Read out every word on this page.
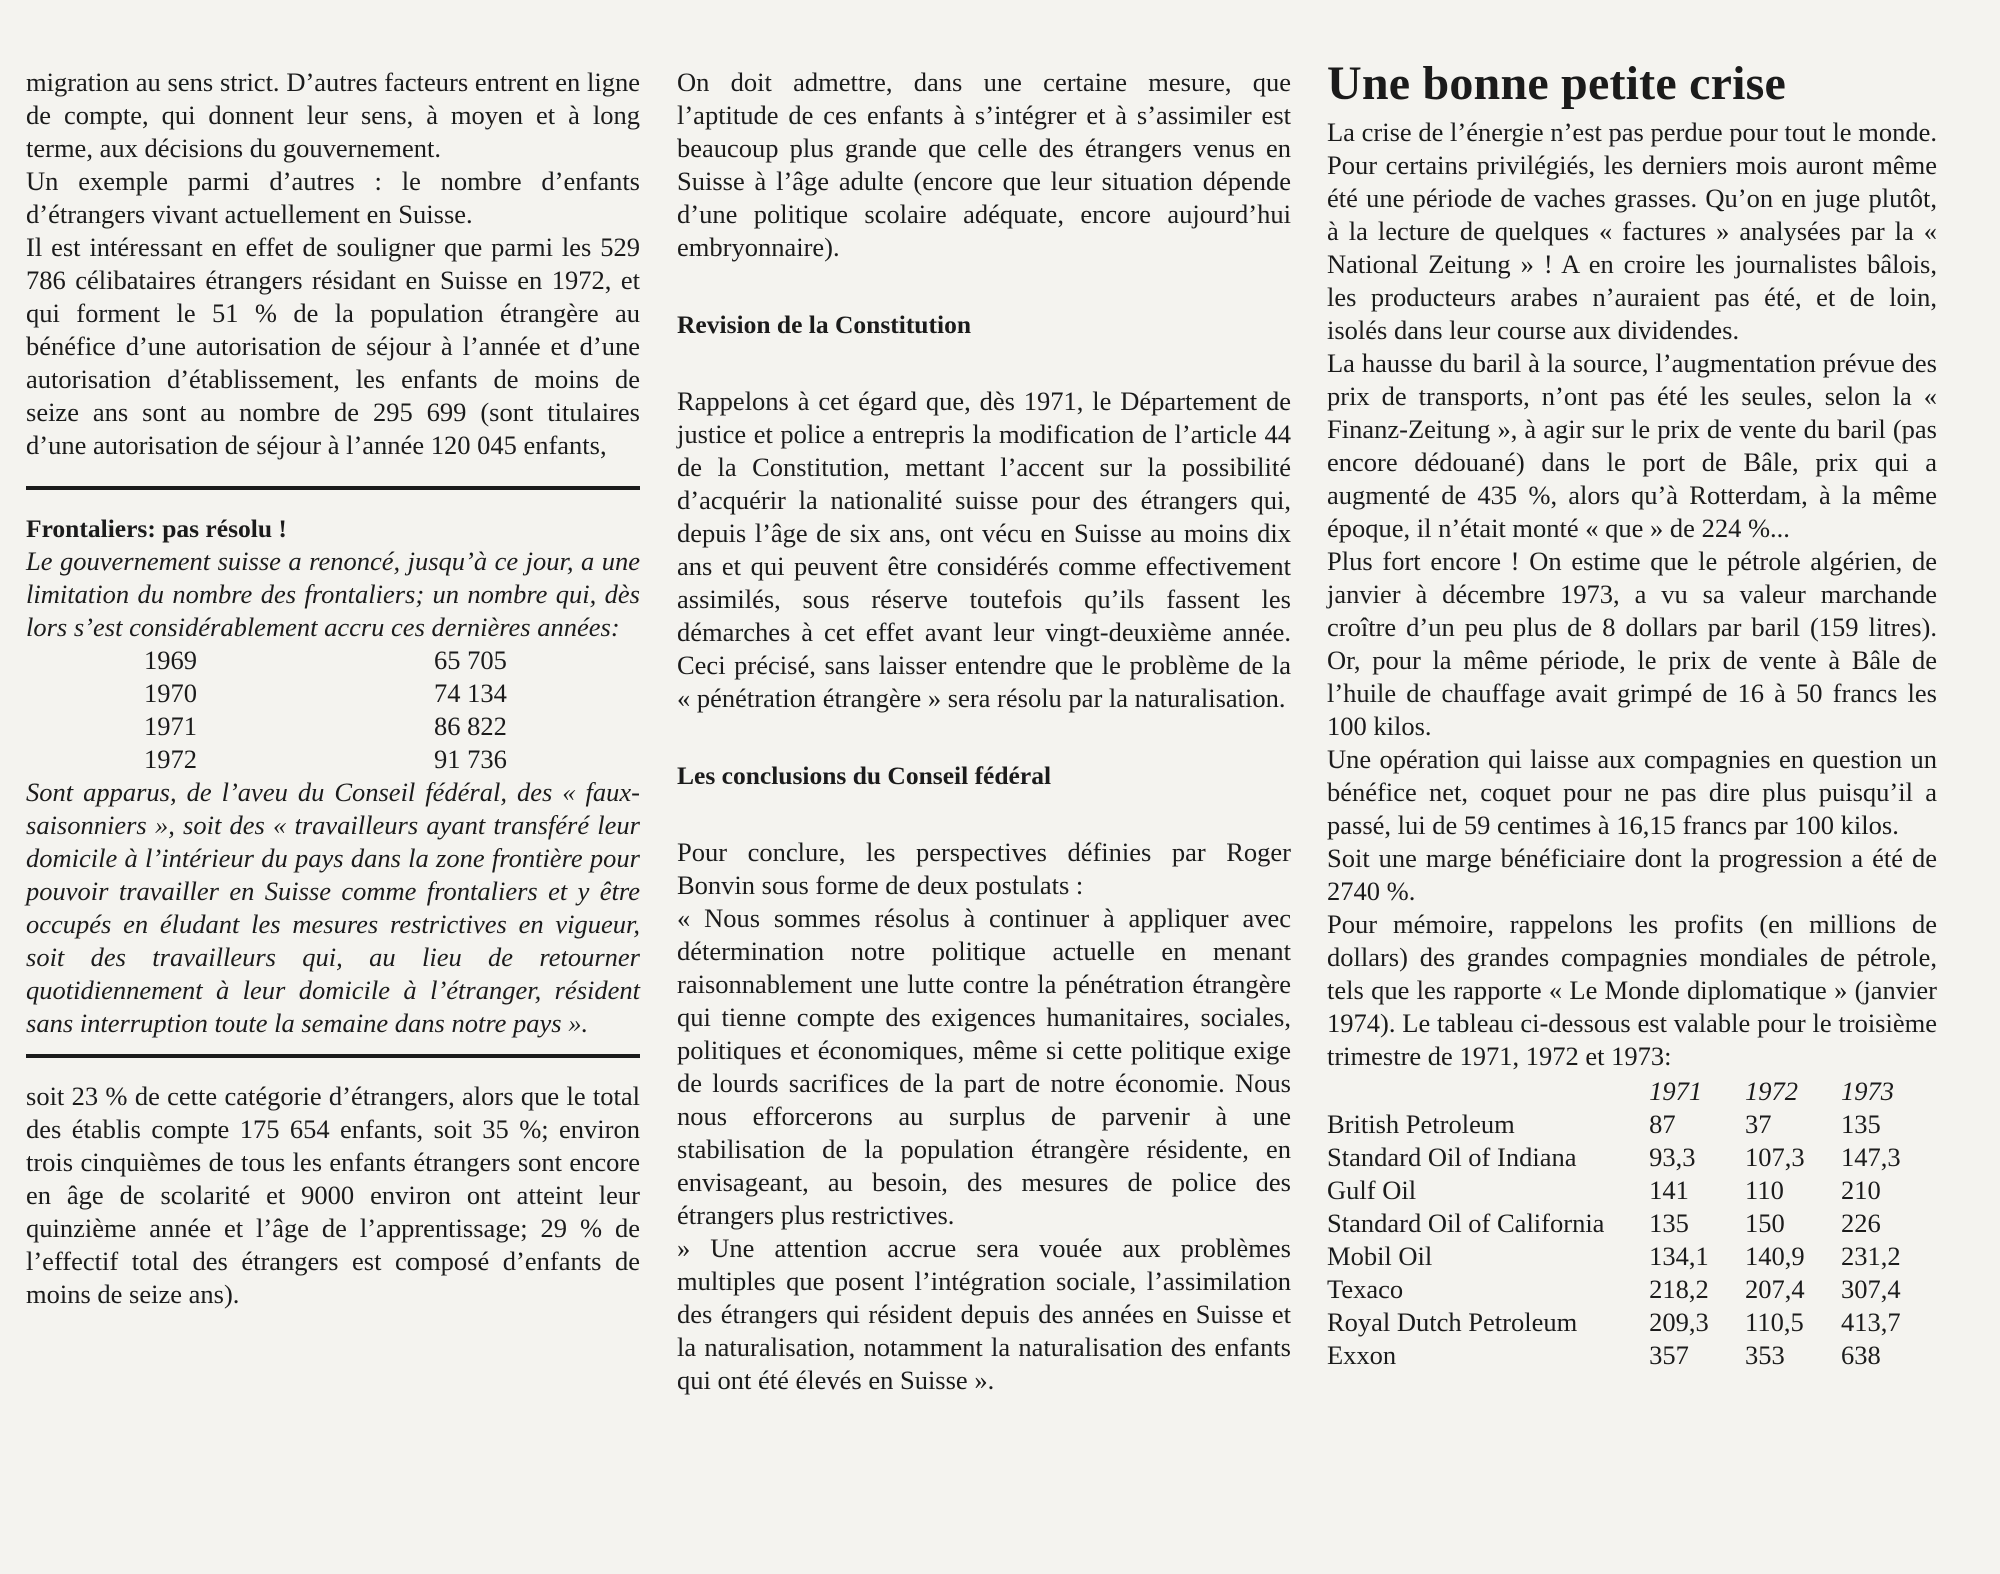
migration au sens strict. D’autres facteurs entrent en ligne de compte, qui donnent leur sens, à moyen et à long terme, aux décisions du gouvernement.

Un exemple parmi d’autres : le nombre d’enfants d’étrangers vivant actuellement en Suisse.

Il est intéressant en effet de souligner que parmi les 529 786 célibataires étrangers résidant en Suisse en 1972, et qui forment le 51 % de la population étrangère au bénéfice d’une autorisation de séjour à l’année et d’une autorisation d’établissement, les enfants de moins de seize ans sont au nombre de 295 699 (sont titulaires d’une autorisation de séjour à l’année 120 045 enfants,

Frontaliers: pas résolu !

Le gouvernement suisse a renoncé, jusqu’à ce jour, a une limitation du nombre des frontaliers; un nombre qui, dès lors s’est considérablement accru ces dernières années:

1969	65 705
1970	74 134
1971	86 822
1972	91 736

Sont apparus, de l’aveu du Conseil fédéral, des « faux-saisonniers », soit des « travailleurs ayant transféré leur domicile à l’intérieur du pays dans la zone frontière pour pouvoir travailler en Suisse comme frontaliers et y être occupés en éludant les mesures restrictives en vigueur, soit des travailleurs qui, au lieu de retourner quotidiennement à leur domicile à l’étranger, résident sans interruption toute la semaine dans notre pays ».

soit 23 % de cette catégorie d’étrangers, alors que le total des établis compte 175 654 enfants, soit 35 %; environ trois cinquièmes de tous les enfants étrangers sont encore en âge de scolarité et 9000 environ ont atteint leur quinzième année et l’âge de l’apprentissage; 29 % de l’effectif total des étrangers est composé d’enfants de moins de seize ans).

On doit admettre, dans une certaine mesure, que l’aptitude de ces enfants à s’intégrer et à s’assimiler est beaucoup plus grande que celle des étrangers venus en Suisse à l’âge adulte (encore que leur situation dépende d’une politique scolaire adéquate, encore aujourd’hui embryonnaire).

Revision de la Constitution

Rappelons à cet égard que, dès 1971, le Département de justice et police a entrepris la modification de l’article 44 de la Constitution, mettant l’accent sur la possibilité d’acquérir la nationalité suisse pour des étrangers qui, depuis l’âge de six ans, ont vécu en Suisse au moins dix ans et qui peuvent être considérés comme effectivement assimilés, sous réserve toutefois qu’ils fassent les démarches à cet effet avant leur vingt-deuxième année. Ceci précisé, sans laisser entendre que le problème de la « pénétration étrangère » sera résolu par la naturalisation.

Les conclusions du Conseil fédéral

Pour conclure, les perspectives définies par Roger Bonvin sous forme de deux postulats :

« Nous sommes résolus à continuer à appliquer avec détermination notre politique actuelle en menant raisonnablement une lutte contre la pénétration étrangère qui tienne compte des exigences humanitaires, sociales, politiques et économiques, même si cette politique exige de lourds sacrifices de la part de notre économie. Nous nous efforcerons au surplus de parvenir à une stabilisation de la population étrangère résidente, en envisageant, au besoin, des mesures de police des étrangers plus restrictives.

» Une attention accrue sera vouée aux problèmes multiples que posent l’intégration sociale, l’assimilation des étrangers qui résident depuis des années en Suisse et la naturalisation, notamment la naturalisation des enfants qui ont été élevés en Suisse ».

Une bonne petite crise

La crise de l’énergie n’est pas perdue pour tout le monde. Pour certains privilégiés, les derniers mois auront même été une période de vaches grasses. Qu’on en juge plutôt, à la lecture de quelques « factures » analysées par la « National Zeitung » ! A en croire les journalistes bâlois, les producteurs arabes n’auraient pas été, et de loin, isolés dans leur course aux dividendes.

La hausse du baril à la source, l’augmentation prévue des prix de transports, n’ont pas été les seules, selon la « Finanz-Zeitung », à agir sur le prix de vente du baril (pas encore dédouané) dans le port de Bâle, prix qui a augmenté de 435 %, alors qu’à Rotterdam, à la même époque, il n’était monté « que » de 224 %...

Plus fort encore ! On estime que le pétrole algérien, de janvier à décembre 1973, a vu sa valeur marchande croître d’un peu plus de 8 dollars par baril (159 litres). Or, pour la même période, le prix de vente à Bâle de l’huile de chauffage avait grimpé de 16 à 50 francs les 100 kilos.

Une opération qui laisse aux compagnies en question un bénéfice net, coquet pour ne pas dire plus puisqu’il a passé, lui de 59 centimes à 16,15 francs par 100 kilos.

Soit une marge bénéficiaire dont la progression a été de 2740 %.

Pour mémoire, rappelons les profits (en millions de dollars) des grandes compagnies mondiales de pétrole, tels que les rapporte « Le Monde diplomatique » (janvier 1974). Le tableau ci-dessous est valable pour le troisième trimestre de 1971, 1972 et 1973:

	1971	1972	1973
British Petroleum	87	37	135
Standard Oil of Indiana	93,3	107,3	147,3
Gulf Oil	141	110	210
Standard Oil of California	135	150	226
Mobil Oil	134,1	140,9	231,2
Texaco	218,2	207,4	307,4
Royal Dutch Petroleum	209,3	110,5	413,7
Exxon	357	353	638
